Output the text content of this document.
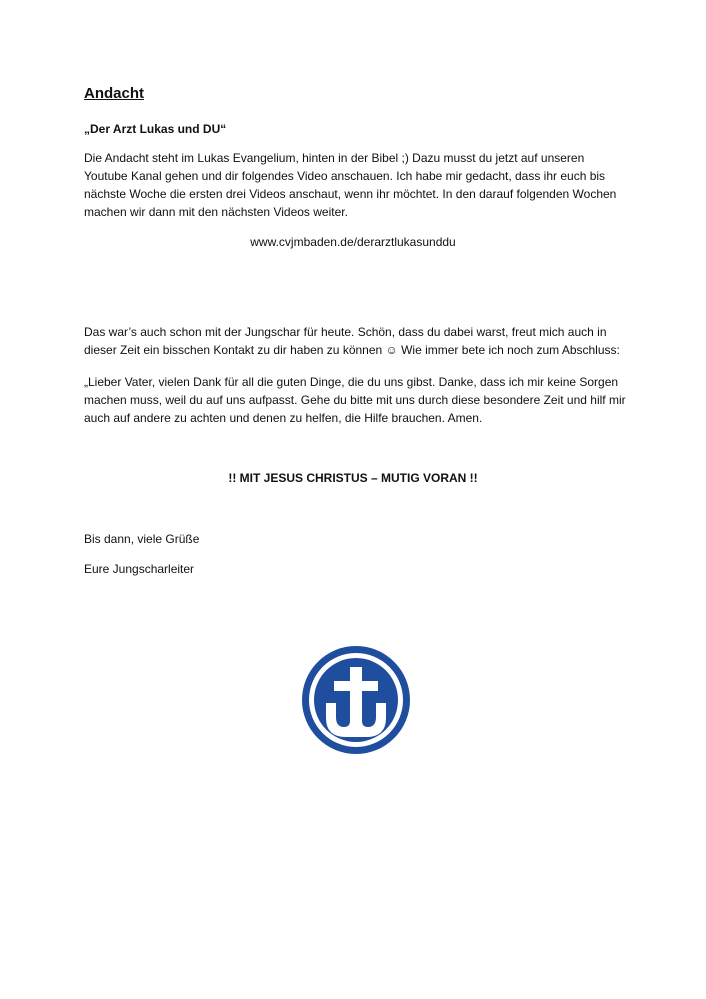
Andacht

„Der Arzt Lukas und DU“

Die Andacht steht im Lukas Evangelium, hinten in der Bibel ;) Dazu musst du jetzt auf unseren Youtube Kanal gehen und dir folgendes Video anschauen. Ich habe mir gedacht, dass ihr euch bis nächste Woche die ersten drei Videos anschaut, wenn ihr möchtet. In den darauf folgenden Wochen machen wir dann mit den nächsten Videos weiter.

www.cvjmbaden.de/derarztlukasunddu

Das war’s auch schon mit der Jungschar für heute. Schön, dass du dabei warst, freut mich auch in dieser Zeit ein bisschen Kontakt zu dir haben zu können ☺ Wie immer bete ich noch zum Abschluss:

„Lieber Vater, vielen Dank für all die guten Dinge, die du uns gibst. Danke, dass ich mir keine Sorgen machen muss, weil du auf uns aufpasst. Gehe du bitte mit uns durch diese besondere Zeit und hilf mir auch auf andere zu achten und denen zu helfen, die Hilfe brauchen. Amen.

!! MIT JESUS CHRISTUS – MUTIG VORAN !!

Bis dann, viele Grüße

Eure Jungscharleiter
